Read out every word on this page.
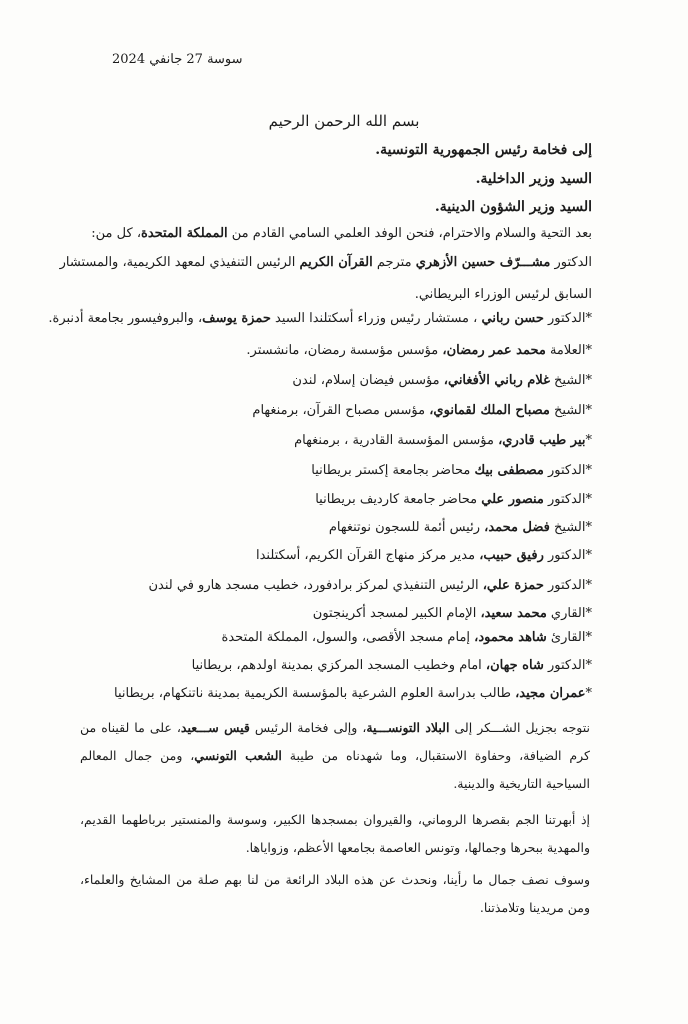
سوسة 27 جانفي 2024
بسم الله الرحمن الرحيم
إلى فخامة رئيس الجمهورية التونسية.
السيد وزير الداخلية.
السيد وزير الشؤون الدينية.
بعد التحية والسلام والاحترام، فنحن الوفد العلمي السامي القادم من المملكة المتحدة، كل من:
الدكتور مشـــرّف حسين الأزهري مترجم القرآن الكريم الرئيس التنفيذي لمعهد الكريمية، والمستشار
السابق لرئيس الوزراء البريطاني.
*الدكتور حسن رباني ، مستشار رئيس وزراء أسكتلندا السيد حمزة يوسف، والبروفيسور بجامعة أدنبرة.
*العلامة محمد عمر رمضان، مؤسس مؤسسة رمضان، مانشستر.
*الشيخ غلام رباني الأفغاني، مؤسس فيضان إسلام، لندن
*الشيخ مصباح الملك لقمانوي، مؤسس مصباح القرآن، برمنغهام
*بير طيب قادري، مؤسس المؤسسة القادرية ، برمنغهام
*الدكتور مصطفى بيك محاضر بجامعة إكستر بريطانيا
*الدكتور منصور علي محاضر جامعة كارديف بريطانيا
*الشيخ فضل محمد، رئيس أئمة للسجون نوتنغهام
*الدكتور رفيق حبيب، مدير مركز منهاج القرآن الكريم، أسكتلندا
*الدكتور حمزة علي، الرئيس التنفيذي لمركز برادفورد، خطيب مسجد هارو في لندن
*القاري محمد سعيد، الإمام الكبير لمسجد أكرينجتون
*القارئ شاهد محمود، إمام مسجد الأقصى، والسول، المملكة المتحدة
*الدكتور شاه جهان، امام وخطيب المسجد المركزي بمدينة اولدهم، بريطانيا
*عمران مجيد، طالب بدراسة العلوم الشرعية بالمؤسسة الكريمية بمدينة ناتنكهام، بريطانيا
نتوجه بجزيل الشـــكر إلى البلاد التونســـية، وإلى فخامة الرئيس قيس ســـعيد، على ما لقيناه من كرم الضيافة، وحفاوة الاستقبال، وما شهدناه من طيبة الشعب التونسي، ومن جمال المعالم السياحية التاريخية والدينية.
إذ أبهرتنا الجم بقصرها الروماني، والقيروان بمسجدها الكبير، وسوسة والمنستير برباطهما القديم، والمهدية ببحرها وجمالها، وتونس العاصمة بجامعها الأعظم، وزواياها.
وسوف نصف جمال ما رأينا، ونحدث عن هذه البلاد الرائعة من لنا بهم صلة من المشايخ والعلماء، ومن مريدينا وتلامذتنا.
